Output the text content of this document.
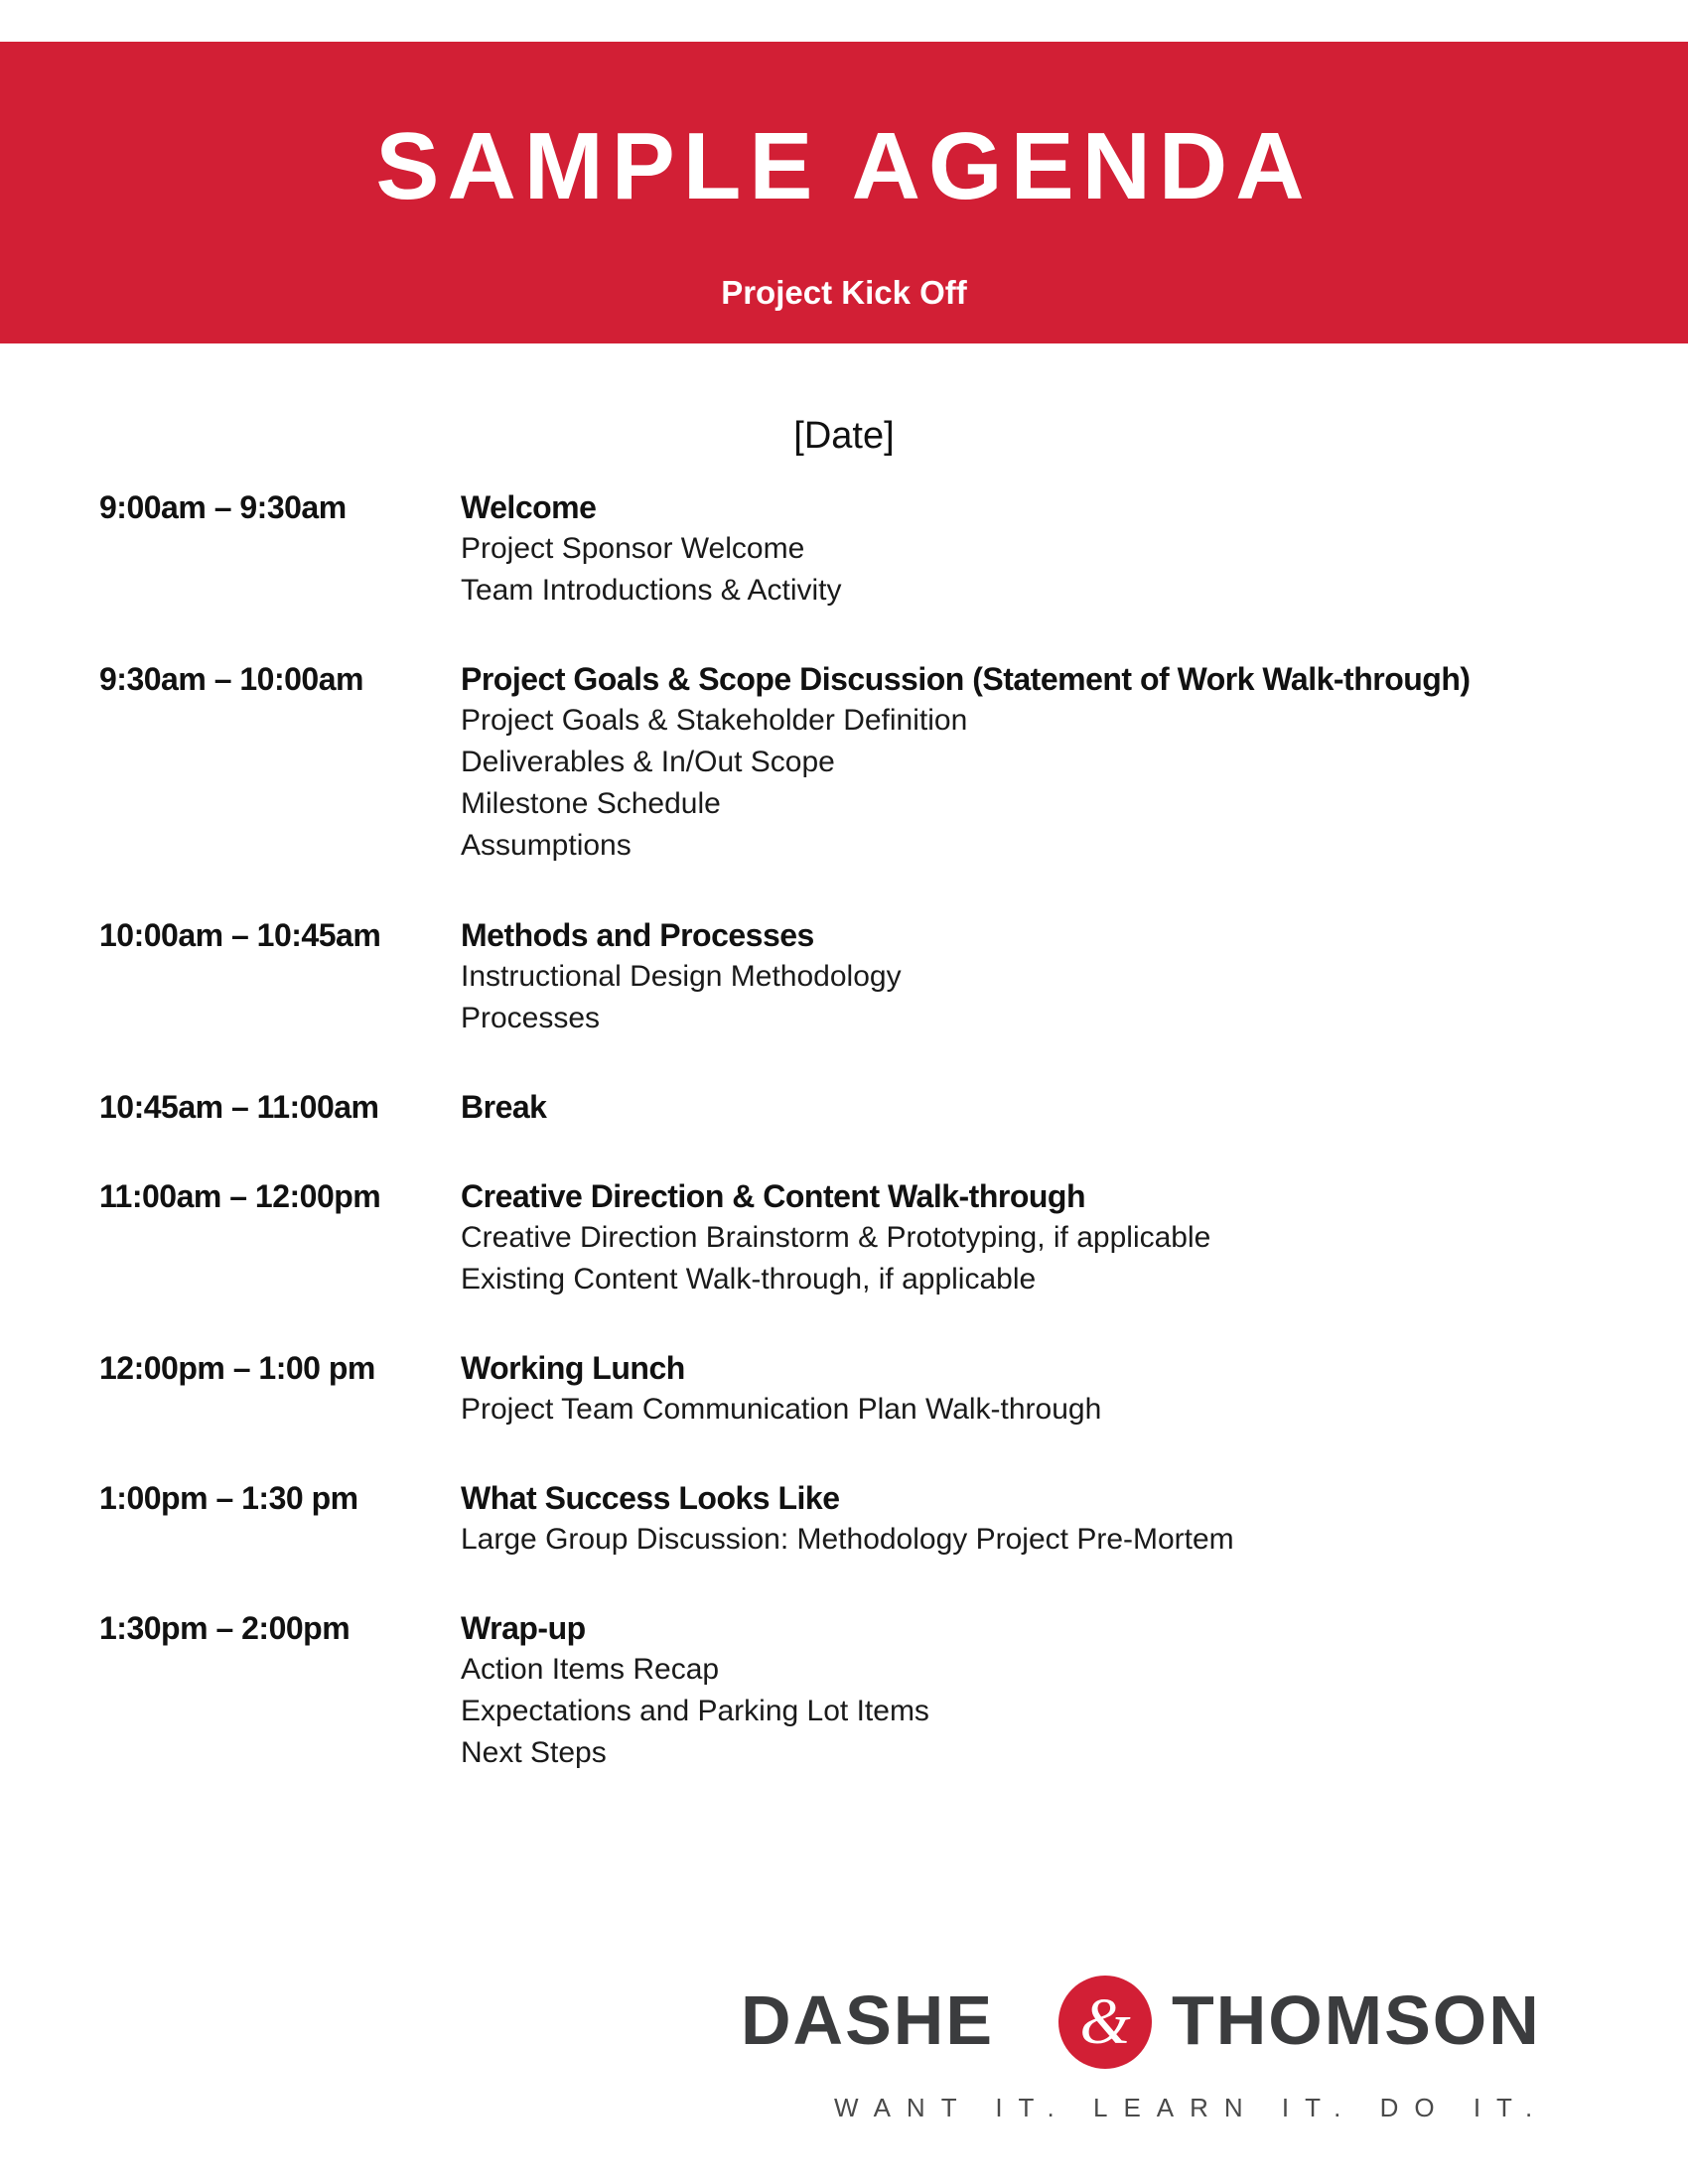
SAMPLE AGENDA
Project Kick Off
[Date]
9:00am – 9:30am	Welcome
Project Sponsor Welcome
Team Introductions & Activity
9:30am – 10:00am	Project Goals & Scope Discussion (Statement of Work Walk-through)
Project Goals & Stakeholder Definition
Deliverables & In/Out Scope
Milestone Schedule
Assumptions
10:00am – 10:45am	Methods and Processes
Instructional Design Methodology
Processes
10:45am – 11:00am	Break
11:00am – 12:00pm	Creative Direction & Content Walk-through
Creative Direction Brainstorm & Prototyping, if applicable
Existing Content Walk-through, if applicable
12:00pm – 1:00 pm	Working Lunch
Project Team Communication Plan Walk-through
1:00pm – 1:30 pm	What Success Looks Like
Large Group Discussion: Methodology Project Pre-Mortem
1:30pm – 2:00pm	Wrap-up
Action Items Recap
Expectations and Parking Lot Items
Next Steps
DASHE	& THOMSON
WANT IT. LEARN IT. DO IT.
